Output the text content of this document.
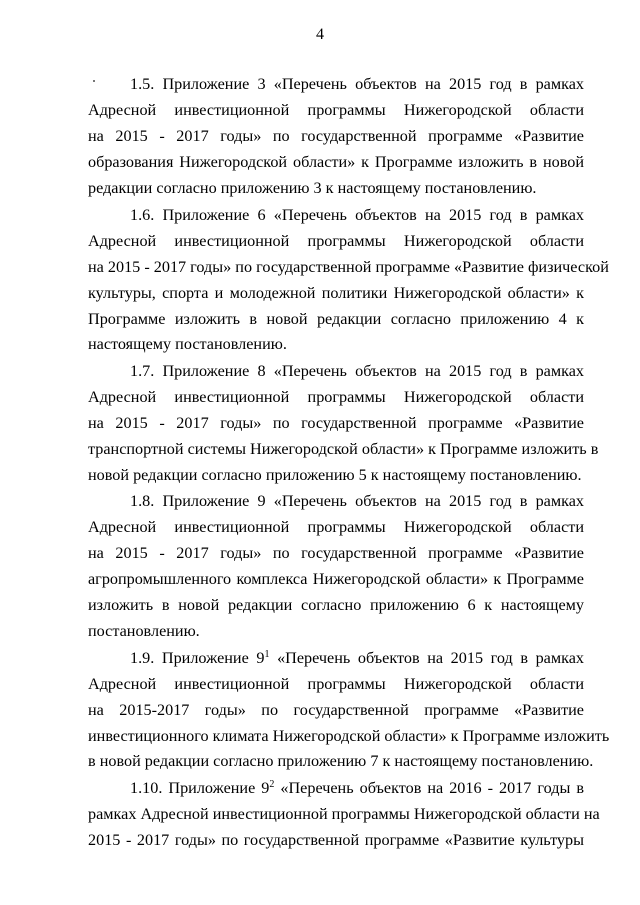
4
1.5. Приложение 3 «Перечень объектов на 2015 год в рамках
Адресной инвестиционной программы Нижегородской области
на 2015 - 2017 годы» по государственной программе «Развитие
образования Нижегородской области» к Программе изложить в новой
редакции согласно приложению 3 к настоящему постановлению.
1.6. Приложение 6 «Перечень объектов на 2015 год в рамках
Адресной инвестиционной программы Нижегородской области
на 2015 - 2017 годы» по государственной программе «Развитие физической
культуры, спорта и молодежной политики Нижегородской области» к
Программе изложить в новой редакции согласно приложению 4 к
настоящему постановлению.
1.7. Приложение 8 «Перечень объектов на 2015 год в рамках
Адресной инвестиционной программы Нижегородской области
на 2015 - 2017 годы» по государственной программе «Развитие
транспортной системы Нижегородской области» к Программе изложить в
новой редакции согласно приложению 5 к настоящему постановлению.
1.8. Приложение 9 «Перечень объектов на 2015 год в рамках
Адресной инвестиционной программы Нижегородской области
на 2015 - 2017 годы» по государственной программе «Развитие
агропромышленного комплекса Нижегородской области» к Программе
изложить в новой редакции согласно приложению 6 к настоящему
постановлению.
1.9. Приложение $9^1$ «Перечень объектов на 2015 год в рамках
Адресной инвестиционной программы Нижегородской области
на 2015-2017 годы» по государственной программе «Развитие
инвестиционного климата Нижегородской области» к Программе изложить
в новой редакции согласно приложению 7 к настоящему постановлению.
1.10. Приложение $9^2$ «Перечень объектов на 2016 - 2017 годы в
рамках Адресной инвестиционной программы Нижегородской области на
2015 - 2017 годы» по государственной программе «Развитие культуры
